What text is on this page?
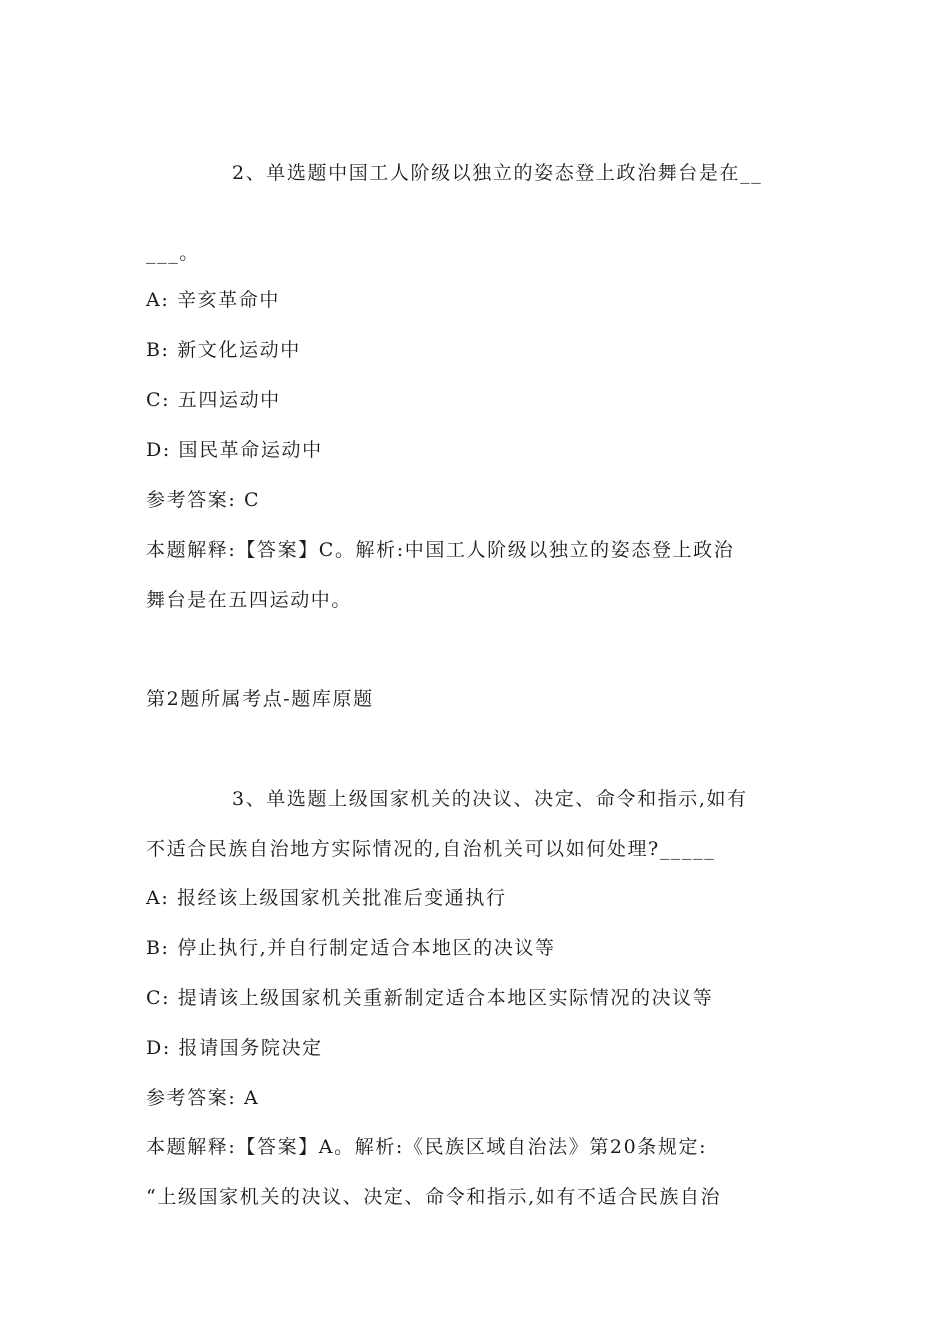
2、单选题中国工人阶级以独立的姿态登上政治舞台是在__
___。
A: 辛亥革命中
B: 新文化运动中
C: 五四运动中
D: 国民革命运动中
参考答案: C
本题解释:【答案】C。解析:中国工人阶级以独立的姿态登上政治
舞台是在五四运动中。
第2题所属考点-题库原题
3、单选题上级国家机关的决议、决定、命令和指示,如有
不适合民族自治地方实际情况的,自治机关可以如何处理?_____
A: 报经该上级国家机关批准后变通执行
B: 停止执行,并自行制定适合本地区的决议等
C: 提请该上级国家机关重新制定适合本地区实际情况的决议等
D: 报请国务院决定
参考答案: A
本题解释:【答案】A。解析:《民族区域自治法》第20条规定:
“上级国家机关的决议、决定、命令和指示,如有不适合民族自治
